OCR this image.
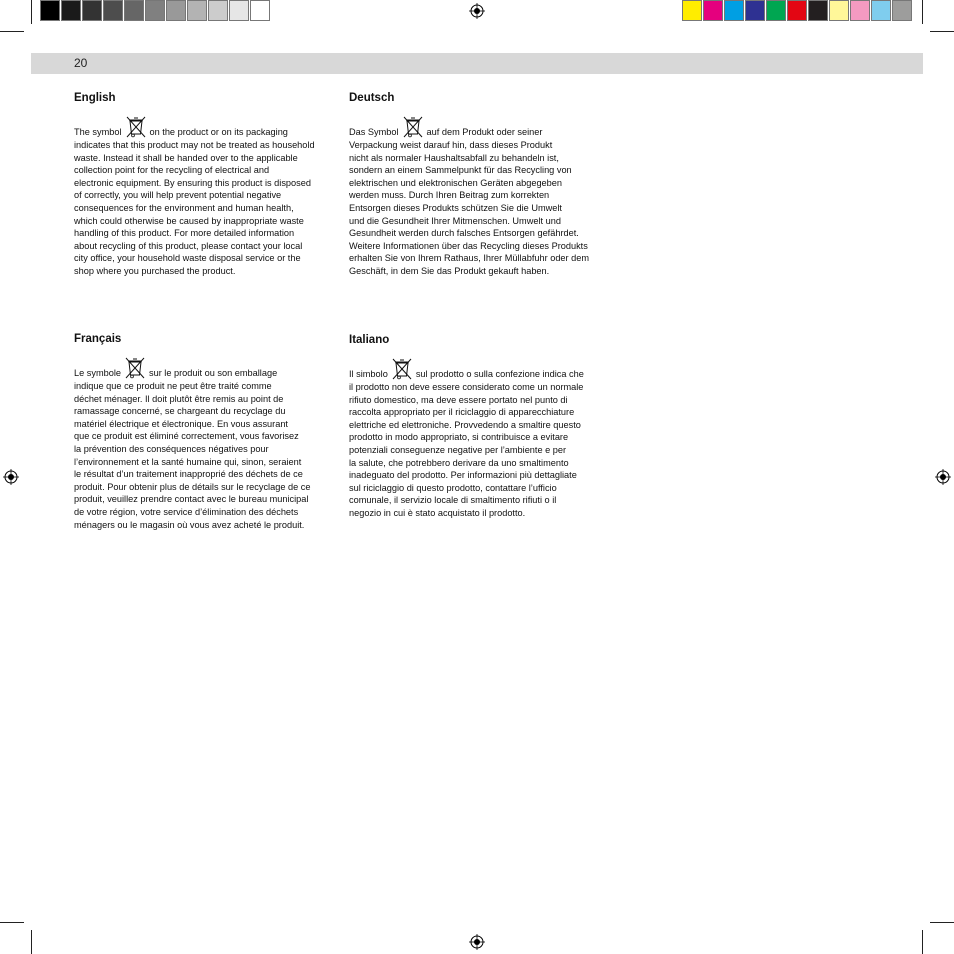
20
English

The symbol	on the product or on its packaging

indicates that this product may not be treated as household
waste. Instead it shall be handed over to the applicable
collection point for the recycling of electrical and
electronic equipment. By ensuring this product is disposed
of correctly, you will help prevent potential negative
consequences for the environment and human health,
which could otherwise be caused by inappropriate waste
handling of this product. For more detailed information
about recycling of this product, please contact your local
city office, your household waste disposal service or the
shop where you purchased the product.

Deutsch

Das Symbol	auf dem Produkt oder seiner

Verpackung weist darauf hin, dass dieses Produkt
nicht als normaler Haushaltsabfall zu behandeln ist,
sondern an einem Sammelpunkt für das Recycling von
elektrischen und elektronischen Geräten abgegeben
werden muss. Durch Ihren Beitrag zum korrekten
Entsorgen dieses Produkts schützen Sie die Umwelt
und die Gesundheit Ihrer Mitmenschen. Umwelt und
Gesundheit werden durch falsches Entsorgen gefährdet.
Weitere Informationen über das Recycling dieses Produkts
erhalten Sie von Ihrem Rathaus, Ihrer Müllabfuhr oder dem
Geschäft, in dem Sie das Produkt gekauft haben.

Français

Le symbole	sur le produit ou son emballage

indique que ce produit ne peut être traité comme
déchet ménager. Il doit plutôt être remis au point de
ramassage concerné, se chargeant du recyclage du
matériel électrique et électronique. En vous assurant
que ce produit est éliminé correctement, vous favorisez
la prévention des conséquences négatives pour
l’environnement et la santé humaine qui, sinon, seraient
le résultat d’un traitement inapproprié des déchets de ce
produit. Pour obtenir plus de détails sur le recyclage de ce
produit, veuillez prendre contact avec le bureau municipal
de votre région, votre service d’élimination des déchets
ménagers ou le magasin où vous avez acheté le produit.

Italiano

Il simbolo	sul prodotto o sulla confezione indica che

il prodotto non deve essere considerato come un normale
rifiuto domestico, ma deve essere portato nel punto di
raccolta appropriato per il riciclaggio di apparecchiature
elettriche ed elettroniche. Provvedendo a smaltire questo
prodotto in modo appropriato, si contribuisce a evitare
potenziali conseguenze negative per l’ambiente e per
la salute, che potrebbero derivare da uno smaltimento
inadeguato del prodotto. Per informazioni più dettagliate
sul riciclaggio di questo prodotto, contattare l’ufficio
comunale, il servizio locale di smaltimento rifiuti o il
negozio in cui è stato acquistato il prodotto.
